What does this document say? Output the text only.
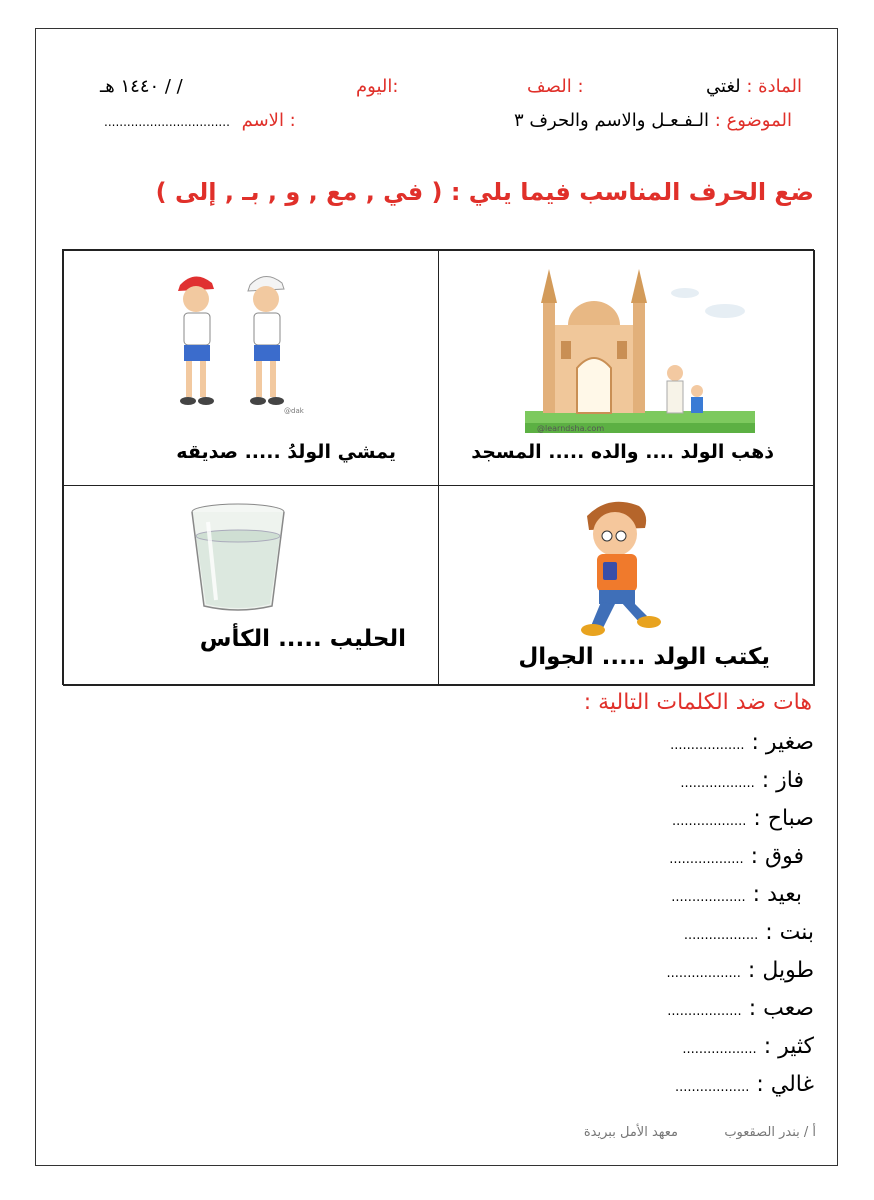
المادة : لغتي
الصف :
اليوم:
/ / ١٤٤٠ هـ
الموضوع : الـفـعـل والاسم والحرف ٣
................................. الاسم :
ضع الحرف المناسب فيما يلي : ( في , مع , و , بـ , إلى )
@learndsha.com
ذهب الولد .... والده ..... المسجد
@dak
يمشي الولدُ ..... صديقه
يكتب الولد ..... الجوال
الحليب ..... الكأس
هات ضد الكلمات التالية :
صغير : ..................
فاز : ..................
صباح : ..................
فوق : ..................
بعيد : ..................
بنت : ..................
طويل : ..................
صعب : ..................
كثير : ..................
غالي : ..................
أ / بندر الصقعوب
معهد الأمل ببريدة
